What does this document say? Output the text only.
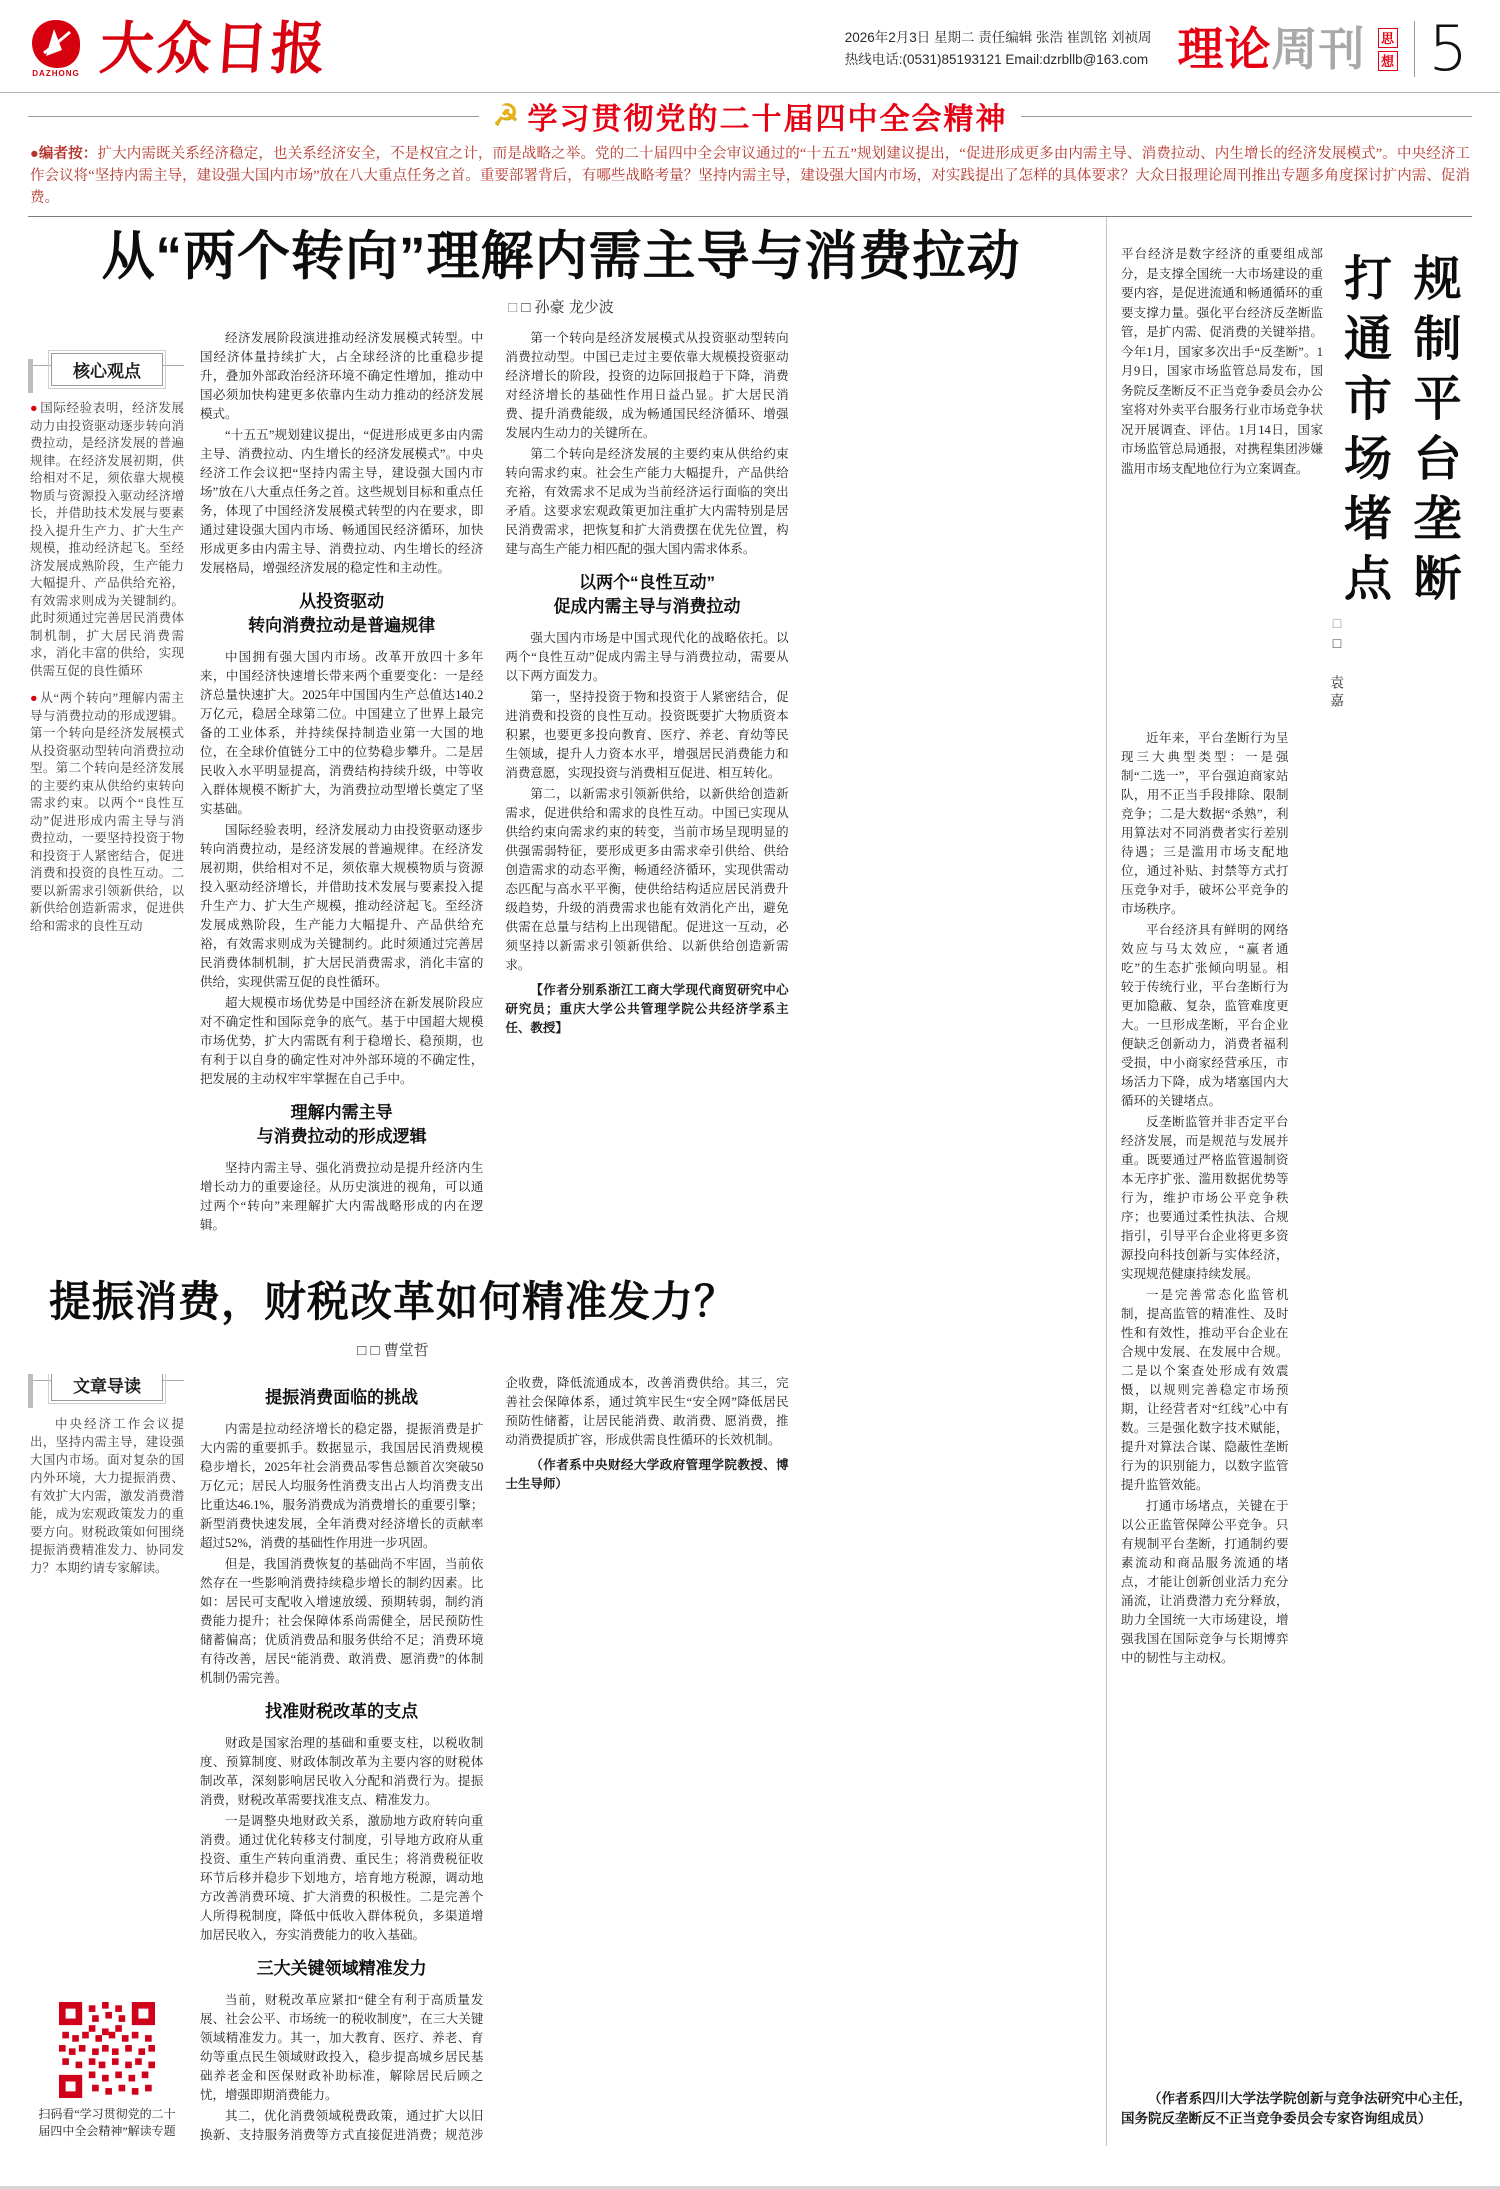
DAZHONG 大众日报	2026年2月3日 星期二 责任编辑 张浩 崔凯铭 刘祯周
热线电话:(0531)85193121 Email:dzrbllb@163.com 理论周刊 思
想 5
☭ 学习贯彻党的二十届四中全会精神

●编者按：扩大内需既关系经济稳定，也关系经济安全，不是权宜之计，而是战略之举。党的二十届四中全会审议通过的“十五五”规划建议提出，“促进形成更多由内需主导、消费拉动、内生增长的经济发展模式”。中央经济工作会议将“坚持内需主导，建设强大国内市场”放在八大重点任务之首。重要部署背后，有哪些战略考量？坚持内需主导，建设强大国内市场，对实践提出了怎样的具体要求？大众日报理论周刊推出专题多角度探讨扩内需、促消费。

从“两个转向”理解内需主导与消费拉动
□ □ 孙豪 龙少波
核心观点

● 国际经验表明，经济发展动力由投资驱动逐步转向消费拉动，是经济发展的普遍规律。在经济发展初期，供给相对不足，须依靠大规模物质与资源投入驱动经济增长，并借助技术发展与要素投入提升生产力、扩大生产规模，推动经济起飞。至经济发展成熟阶段，生产能力大幅提升、产品供给充裕，有效需求则成为关键制约。此时须通过完善居民消费体制机制，扩大居民消费需求，消化丰富的供给，实现供需互促的良性循环

● 从“两个转向”理解内需主导与消费拉动的形成逻辑。第一个转向是经济发展模式从投资驱动型转向消费拉动型。第二个转向是经济发展的主要约束从供给约束转向需求约束。以两个“良性互动”促进形成内需主导与消费拉动，一要坚持投资于物和投资于人紧密结合，促进消费和投资的良性互动。二要以新需求引领新供给，以新供给创造新需求，促进供给和需求的良性互动

经济发展阶段演进推动经济发展模式转型。中国经济体量持续扩大，占全球经济的比重稳步提升，叠加外部政治经济环境不确定性增加，推动中国必须加快构建更多依靠内生动力推动的经济发展模式。

“十五五”规划建议提出，“促进形成更多由内需主导、消费拉动、内生增长的经济发展模式”。中央经济工作会议把“坚持内需主导，建设强大国内市场”放在八大重点任务之首。这些规划目标和重点任务，体现了中国经济发展模式转型的内在要求，即通过建设强大国内市场、畅通国民经济循环，加快形成更多由内需主导、消费拉动、内生增长的经济发展格局，增强经济发展的稳定性和主动性。

从投资驱动
转向消费拉动是普遍规律

中国拥有强大国内市场。改革开放四十多年来，中国经济快速增长带来两个重要变化：一是经济总量快速扩大。2025年中国国内生产总值达140.2万亿元，稳居全球第二位。中国建立了世界上最完备的工业体系，并持续保持制造业第一大国的地位，在全球价值链分工中的位势稳步攀升。二是居民收入水平明显提高，消费结构持续升级，中等收入群体规模不断扩大，为消费拉动型增长奠定了坚实基础。

国际经验表明，经济发展动力由投资驱动逐步转向消费拉动，是经济发展的普遍规律。在经济发展初期，供给相对不足，须依靠大规模物质与资源投入驱动经济增长，并借助技术发展与要素投入提升生产力、扩大生产规模，推动经济起飞。至经济发展成熟阶段，生产能力大幅提升、产品供给充裕，有效需求则成为关键制约。此时须通过完善居民消费体制机制，扩大居民消费需求，消化丰富的供给，实现供需互促的良性循环。

超大规模市场优势是中国经济在新发展阶段应对不确定性和国际竞争的底气。基于中国超大规模市场优势，扩大内需既有利于稳增长、稳预期，也有利于以自身的确定性对冲外部环境的不确定性，把发展的主动权牢牢掌握在自己手中。

理解内需主导
与消费拉动的形成逻辑

坚持内需主导、强化消费拉动是提升经济内生增长动力的重要途径。从历史演进的视角，可以通过两个“转向”来理解扩大内需战略形成的内在逻辑。

第一个转向是经济发展模式从投资驱动型转向消费拉动型。中国已走过主要依靠大规模投资驱动经济增长的阶段，投资的边际回报趋于下降，消费对经济增长的基础性作用日益凸显。扩大居民消费、提升消费能级，成为畅通国民经济循环、增强发展内生动力的关键所在。

第二个转向是经济发展的主要约束从供给约束转向需求约束。社会生产能力大幅提升，产品供给充裕，有效需求不足成为当前经济运行面临的突出矛盾。这要求宏观政策更加注重扩大内需特别是居民消费需求，把恢复和扩大消费摆在优先位置，构建与高生产能力相匹配的强大国内需求体系。

以两个“良性互动”
促成内需主导与消费拉动

强大国内市场是中国式现代化的战略依托。以两个“良性互动”促成内需主导与消费拉动，需要从以下两方面发力。

第一，坚持投资于物和投资于人紧密结合，促进消费和投资的良性互动。投资既要扩大物质资本积累，也要更多投向教育、医疗、养老、育幼等民生领域，提升人力资本水平，增强居民消费能力和消费意愿，实现投资与消费相互促进、相互转化。

第二，以新需求引领新供给，以新供给创造新需求，促进供给和需求的良性互动。中国已实现从供给约束向需求约束的转变，当前市场呈现明显的供强需弱特征，要形成更多由需求牵引供给、供给创造需求的动态平衡，畅通经济循环，实现供需动态匹配与高水平平衡，使供给结构适应居民消费升级趋势，升级的消费需求也能有效消化产出，避免供需在总量与结构上出现错配。促进这一互动，必须坚持以新需求引领新供给、以新供给创造新需求。

【作者分别系浙江工商大学现代商贸研究中心研究员；重庆大学公共管理学院公共经济学系主任、教授】

提振消费，财税改革如何精准发力？
□ □ 曹堂哲
文章导读

中央经济工作会议提出，坚持内需主导，建设强大国内市场。面对复杂的国内外环境，大力提振消费、有效扩大内需，激发消费潜能，成为宏观政策发力的重要方向。财税政策如何围绕提振消费精准发力、协同发力？本期约请专家解读。

扫码看“学习贯彻党的二十届四中全会精神”解读专题

提振消费面临的挑战

内需是拉动经济增长的稳定器，提振消费是扩大内需的重要抓手。数据显示，我国居民消费规模稳步增长，2025年社会消费品零售总额首次突破50万亿元；居民人均服务性消费支出占人均消费支出比重达46.1%，服务消费成为消费增长的重要引擎；新型消费快速发展，全年消费对经济增长的贡献率超过52%，消费的基础性作用进一步巩固。

但是，我国消费恢复的基础尚不牢固，当前依然存在一些影响消费持续稳步增长的制约因素。比如：居民可支配收入增速放缓、预期转弱，制约消费能力提升；社会保障体系尚需健全，居民预防性储蓄偏高；优质消费品和服务供给不足；消费环境有待改善，居民“能消费、敢消费、愿消费”的体制机制仍需完善。

找准财税改革的支点

财政是国家治理的基础和重要支柱，以税收制度、预算制度、财政体制改革为主要内容的财税体制改革，深刻影响居民收入分配和消费行为。提振消费，财税改革需要找准支点、精准发力。

一是调整央地财政关系，激励地方政府转向重消费。通过优化转移支付制度，引导地方政府从重投资、重生产转向重消费、重民生；将消费税征收环节后移并稳步下划地方，培育地方税源，调动地方改善消费环境、扩大消费的积极性。二是完善个人所得税制度，降低中低收入群体税负，多渠道增加居民收入，夯实消费能力的收入基础。

三大关键领域精准发力

当前，财税改革应紧扣“健全有利于高质量发展、社会公平、市场统一的税收制度”，在三大关键领域精准发力。其一，加大教育、医疗、养老、育幼等重点民生领域财政投入，稳步提高城乡居民基础养老金和医保财政补助标准，解除居民后顾之忧，增强即期消费能力。

其二，优化消费领域税费政策，通过扩大以旧换新、支持服务消费等方式直接促进消费；规范涉企收费，降低流通成本，改善消费供给。其三，完善社会保障体系，通过筑牢民生“安全网”降低居民预防性储蓄，让居民能消费、敢消费、愿消费，推动消费提质扩容，形成供需良性循环的长效机制。

（作者系中央财经大学政府管理学院教授、博士生导师）

平台经济是数字经济的重要组成部分，是支撑全国统一大市场建设的重要内容，是促进流通和畅通循环的重要支撑力量。强化平台经济反垄断监管，是扩内需、促消费的关键举措。今年1月，国家多次出手“反垄断”。1月9日，国家市场监管总局发布，国务院反垄断反不正当竞争委员会办公室将对外卖平台服务行业市场竞争状况开展调查、评估。1月14日，国家市场监管总局通报，对携程集团涉嫌滥用市场支配地位行为立案调查。	规制平台垄断
打通市场堵点
□□ 袁嘉

近年来，平台垄断行为呈现三大典型类型：一是强制“二选一”，平台强迫商家站队，用不正当手段排除、限制竞争；二是大数据“杀熟”，利用算法对不同消费者实行差别待遇；三是滥用市场支配地位，通过补贴、封禁等方式打压竞争对手，破坏公平竞争的市场秩序。

平台经济具有鲜明的网络效应与马太效应，“赢者通吃”的生态扩张倾向明显。相较于传统行业，平台垄断行为更加隐蔽、复杂，监管难度更大。一旦形成垄断，平台企业便缺乏创新动力，消费者福利受损，中小商家经营承压，市场活力下降，成为堵塞国内大循环的关键堵点。

反垄断监管并非否定平台经济发展，而是规范与发展并重。既要通过严格监管遏制资本无序扩张、滥用数据优势等行为，维护市场公平竞争秩序；也要通过柔性执法、合规指引，引导平台企业将更多资源投向科技创新与实体经济，实现规范健康持续发展。

一是完善常态化监管机制，提高监管的精准性、及时性和有效性，推动平台企业在合规中发展、在发展中合规。二是以个案查处形成有效震慑，以规则完善稳定市场预期，让经营者对“红线”心中有数。三是强化数字技术赋能，提升对算法合谋、隐蔽性垄断行为的识别能力，以数字监管提升监管效能。

打通市场堵点，关键在于以公正监管保障公平竞争。只有规制平台垄断，打通制约要素流动和商品服务流通的堵点，才能让创新创业活力充分涌流，让消费潜力充分释放，助力全国统一大市场建设，增强我国在国际竞争与长期博弈中的韧性与主动权。

（作者系四川大学法学院创新与竞争法研究中心主任，国务院反垄断反不正当竞争委员会专家咨询组成员）
